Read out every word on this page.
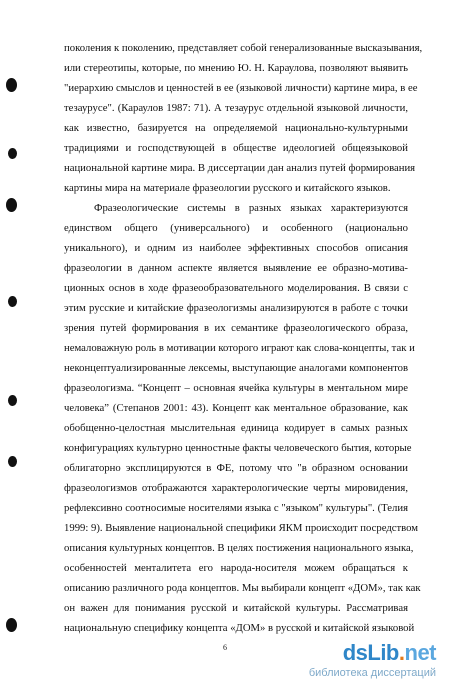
поколения к поколению, представляет собой генерализованные высказывания,
или стереотипы, которые, по мнению Ю. Н. Караулова, позволяют выявить
"иерархию смыслов и ценностей в ее (языковой личности) картине мира, в ее
тезаурусе". (Караулов 1987: 71). А тезаурус отдельной языковой личности,
как известно, базируется на определяемой национально-культурными
традициями и господствующей в обществе идеологией общеязыковой
национальной картине мира. В диссертации дан анализ путей формирования
картины мира на материале фразеологии русского и китайского языков.
Фразеологические системы в разных языках характеризуются
единством общего (универсального) и особенного (национально
уникального), и одним из наиболее эффективных способов описания
фразеологии в данном аспекте является выявление ее образно-мотива-
ционных основ в ходе фразеообразовательного моделирования. В связи с
этим русские и китайские фразеологизмы анализируются в работе с точки
зрения путей формирования в их семантике фразеологического образа,
немаловажную роль в мотивации которого играют как слова-концепты, так и
неконцептуализированные лексемы, выступающие аналогами компонентов
фразеологизма. “Концепт – основная ячейка культуры в ментальном мире
человека” (Степанов 2001: 43). Концепт как ментальное образование, как
обобщенно-целостная мыслительная единица кодирует в самых разных
конфигурациях культурно ценностные факты человеческого бытия, которые
облигаторно эксплицируются в ФЕ, потому что "в образном основании
фразеологизмов отображаются характерологические черты мировидения,
рефлексивно соотносимые носителями языка с "языком" культуры". (Телия
1999: 9). Выявление национальной специфики ЯКМ происходит посредством
описания культурных концептов. В целях постижения национального языка,
особенностей менталитета его народа-носителя можем обращаться к
описанию различного рода концептов. Мы выбирали концепт «ДОМ», так как
он важен для понимания русской и китайской культуры. Рассматривая
национальную специфику концепта «ДОМ» в русской и китайской языковой
6	dsLib.net
библиотека диссертаций
